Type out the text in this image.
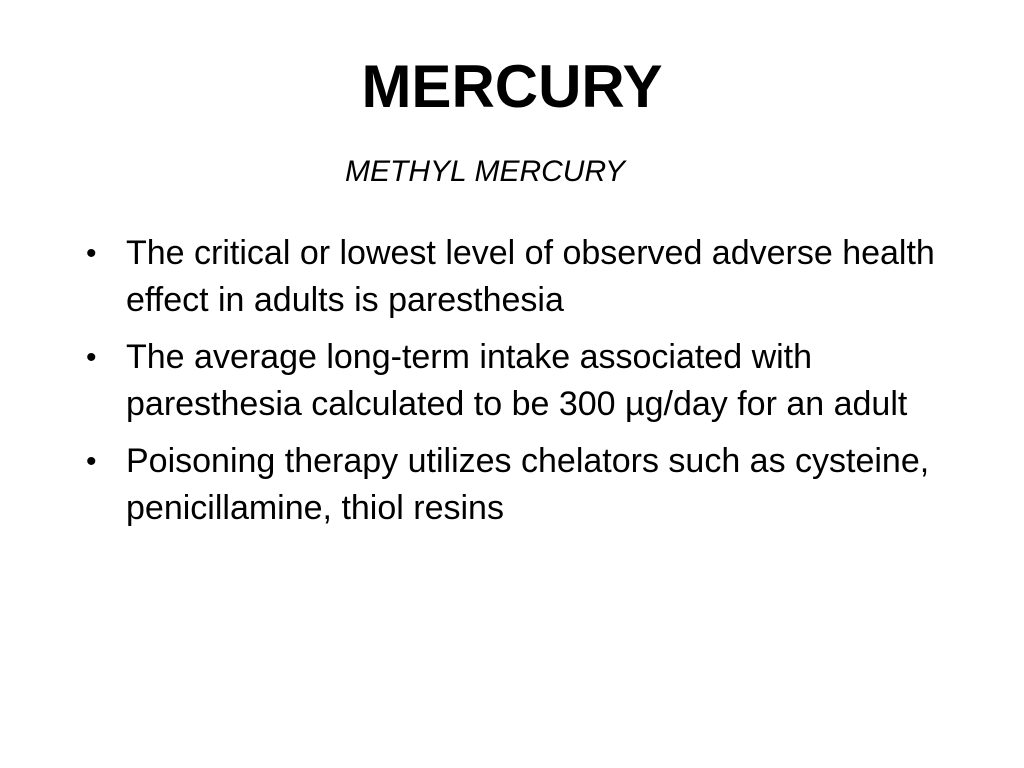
MERCURY
METHYL MERCURY
• The critical or lowest level of observed adverse health effect in adults is paresthesia
• The average long-term intake associated with paresthesia calculated to be 300 µg/day for an adult
• Poisoning therapy utilizes chelators such as cysteine, penicillamine, thiol resins
